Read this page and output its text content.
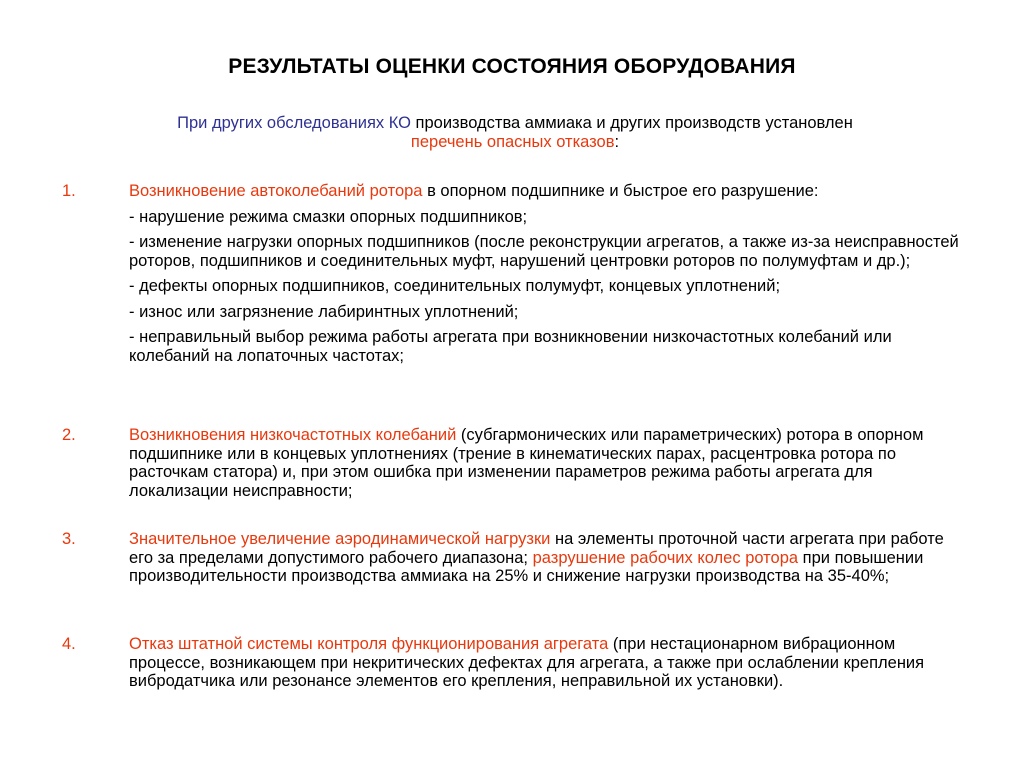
РЕЗУЛЬТАТЫ ОЦЕНКИ СОСТОЯНИЯ ОБОРУДОВАНИЯ
При других обследованиях КО производства аммиака и других производств установлен
перечень опасных отказов:
1.	Возникновение автоколебаний ротора в опорном подшипнике и быстрое его разрушение:
- нарушение режима смазки опорных подшипников;
- изменение нагрузки опорных подшипников (после реконструкции агрегатов, а также из-за неисправностей роторов, подшипников и соединительных муфт, нарушений центровки роторов по полумуфтам и др.);
- дефекты опорных подшипников, соединительных полумуфт, концевых уплотнений;
- износ или загрязнение лабиринтных уплотнений;
- неправильный выбор режима работы агрегата при возникновении низкочастотных колебаний или колебаний на лопаточных частотах;
2.	Возникновения низкочастотных колебаний (субгармонических или параметрических) ротора в опорном подшипнике или в концевых уплотнениях (трение в кинематических парах, расцентровка ротора по расточкам статора) и, при этом ошибка при изменении параметров режима работы агрегата для локализации неисправности;
3.	Значительное увеличение аэродинамической нагрузки на элементы проточной части агрегата при работе его за пределами допустимого рабочего диапазона; разрушение рабочих колес ротора при повышении производительности производства аммиака на 25% и снижение нагрузки производства на 35-40%;
4.	Отказ штатной системы контроля функционирования агрегата (при нестационарном вибрационном процессе, возникающем при некритических дефектах для агрегата, а также при ослаблении крепления вибродатчика или резонансе элементов его крепления, неправильной их установки).
